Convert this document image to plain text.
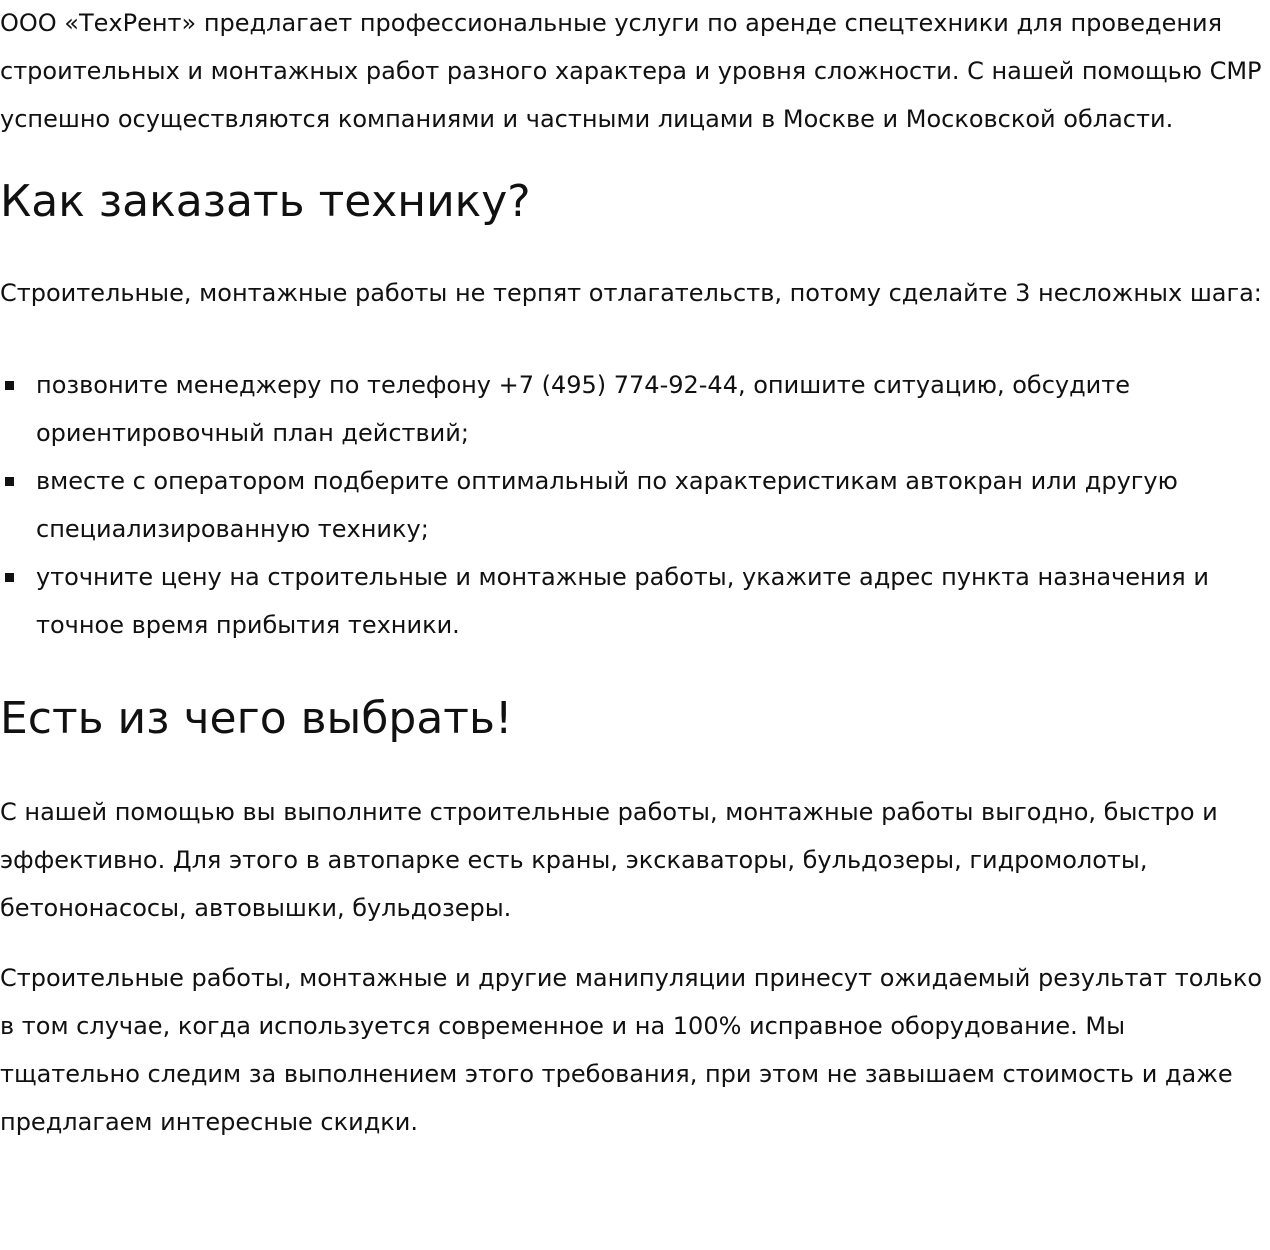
ООО «ТехРент» предлагает профессиональные услуги по аренде спецтехники для проведения строительных и монтажных работ разного характера и уровня сложности. С нашей помощью СМР успешно осуществляются компаниями и частными лицами в Москве и Московской области.

Как заказать технику?

Строительные, монтажные работы не терпят отлагательств, потому сделайте 3 несложных шага:

позвоните менеджеру по телефону +7 (495) 774-92-44, опишите ситуацию, обсудите ориентировочный план действий;
вместе с оператором подберите оптимальный по характеристикам автокран или другую специализированную технику;
уточните цену на строительные и монтажные работы, укажите адрес пункта назначения и точное время прибытия техники.
Есть из чего выбрать!

С нашей помощью вы выполните строительные работы, монтажные работы выгодно, быстро и эффективно. Для этого в автопарке есть краны, экскаваторы, бульдозеры, гидромолоты, бетононасосы, автовышки, бульдозеры.

Строительные работы, монтажные и другие манипуляции принесут ожидаемый результат только в том случае, когда используется современное и на 100% исправное оборудование. Мы тщательно следим за выполнением этого требования, при этом не завышаем стоимость и даже предлагаем интересные скидки.
